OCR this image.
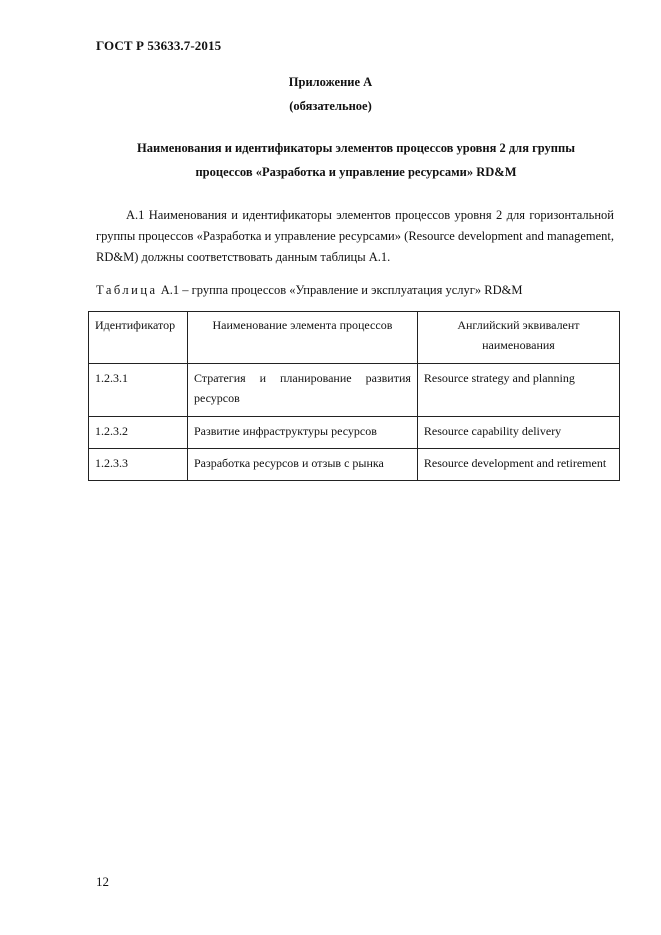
ГОСТ Р 53633.7-2015
Приложение А
(обязательное)
Наименования и идентификаторы элементов процессов уровня 2 для группы
процессов «Разработка и управление ресурсами» RD&M
А.1 Наименования и идентификаторы элементов процессов уровня 2 для горизонтальной группы процессов «Разработка и управление ресурсами» (Resource development and management, RD&M) должны соответствовать данным таблицы А.1.
Таблица А.1 – группа процессов «Управление и эксплуатация услуг» RD&M
Идентификатор	Наименование элемента процессов	Английский эквивалент наименования
1.2.3.1	Стратегия и планирование развития ресурсов	Resource strategy and planning
1.2.3.2	Развитие инфраструктуры ресурсов	Resource capability delivery
1.2.3.3	Разработка ресурсов и отзыв с рынка	Resource development and retirement
12
